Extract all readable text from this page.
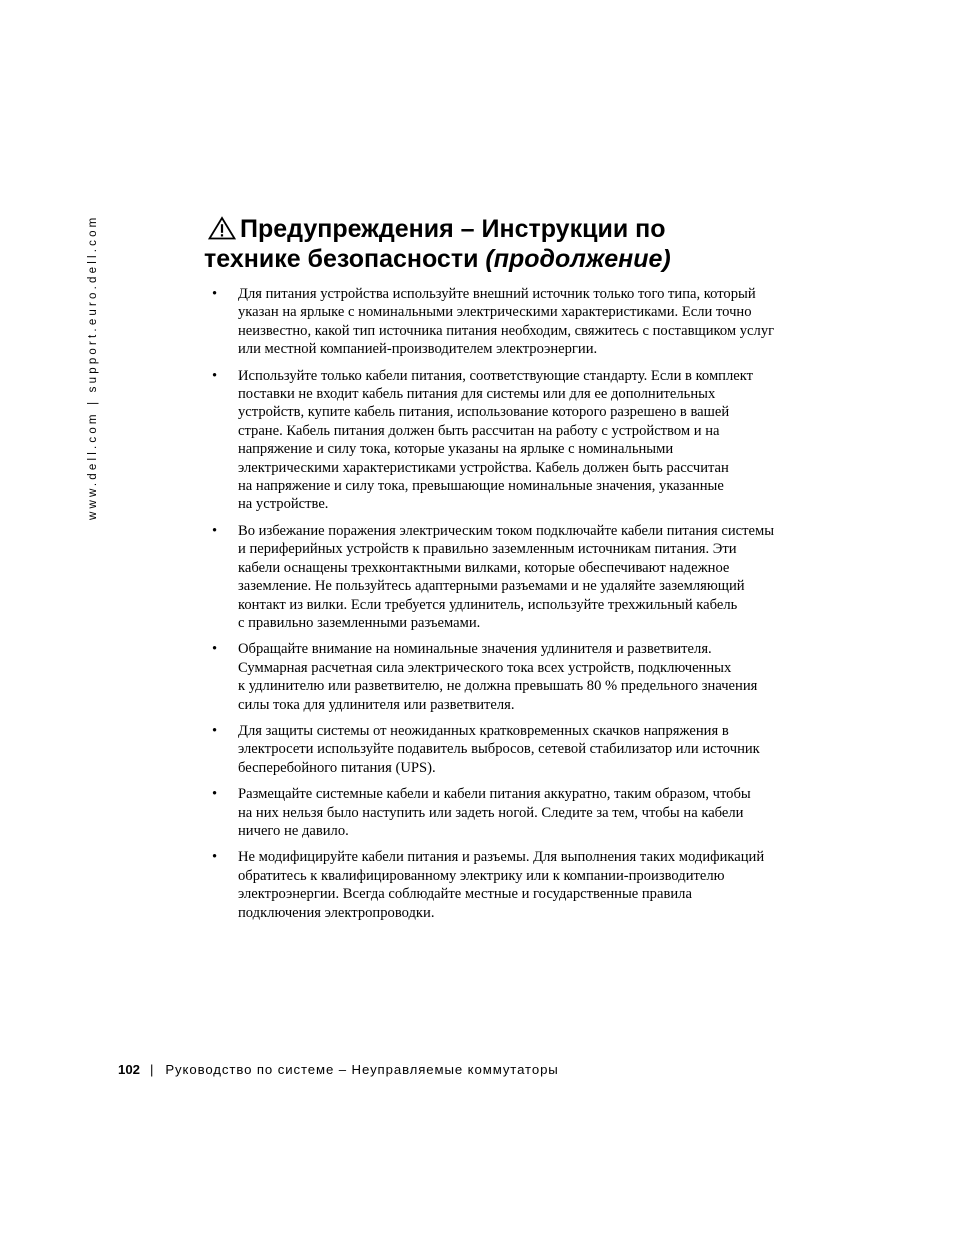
www.dell.com | support.euro.dell.com	Предупреждения – Инструкции по
технике безопасности (продолжение)
• Для питания устройства используйте внешний источник только того типа, который
указан на ярлыке с номинальными электрическими характеристиками. Если точно
неизвестно, какой тип источника питания необходим, свяжитесь с поставщиком услуг
или местной компанией-производителем электроэнергии.
• Используйте только кабели питания, соответствующие стандарту. Если в комплект
поставки не входит кабель питания для системы или для ее дополнительных
устройств, купите кабель питания, использование которого разрешено в вашей
стране. Кабель питания должен быть рассчитан на работу с устройством и на
напряжение и силу тока, которые указаны на ярлыке с номинальными
электрическими характеристиками устройства. Кабель должен быть рассчитан
на напряжение и силу тока, превышающие номинальные значения, указанные
на устройстве.
• Во избежание поражения электрическим током подключайте кабели питания системы
и периферийных устройств к правильно заземленным источникам питания. Эти
кабели оснащены трехконтактными вилками, которые обеспечивают надежное
заземление. Не пользуйтесь адаптерными разъемами и не удаляйте заземляющий
контакт из вилки. Если требуется удлинитель, используйте трехжильный кабель
с правильно заземленными разъемами.
• Обращайте внимание на номинальные значения удлинителя и разветвителя.
Суммарная расчетная сила электрического тока всех устройств, подключенных
к удлинителю или разветвителю, не должна превышать 80 % предельного значения
силы тока для удлинителя или разветвителя.
• Для защиты системы от неожиданных кратковременных скачков напряжения в
электросети используйте подавитель выбросов, сетевой стабилизатор или источник
бесперебойного питания (UPS).
• Размещайте системные кабели и кабели питания аккуратно, таким образом, чтобы
на них нельзя было наступить или задеть ногой. Следите за тем, чтобы на кабели
ничего не давило.
• Не модифицируйте кабели питания и разъемы. Для выполнения таких модификаций
обратитесь к квалифицированному электрику или к компании-производителю
электроэнергии. Всегда соблюдайте местные и государственные правила
подключения электропроводки.
102 | Руководство по системе – Неуправляемые коммутаторы
